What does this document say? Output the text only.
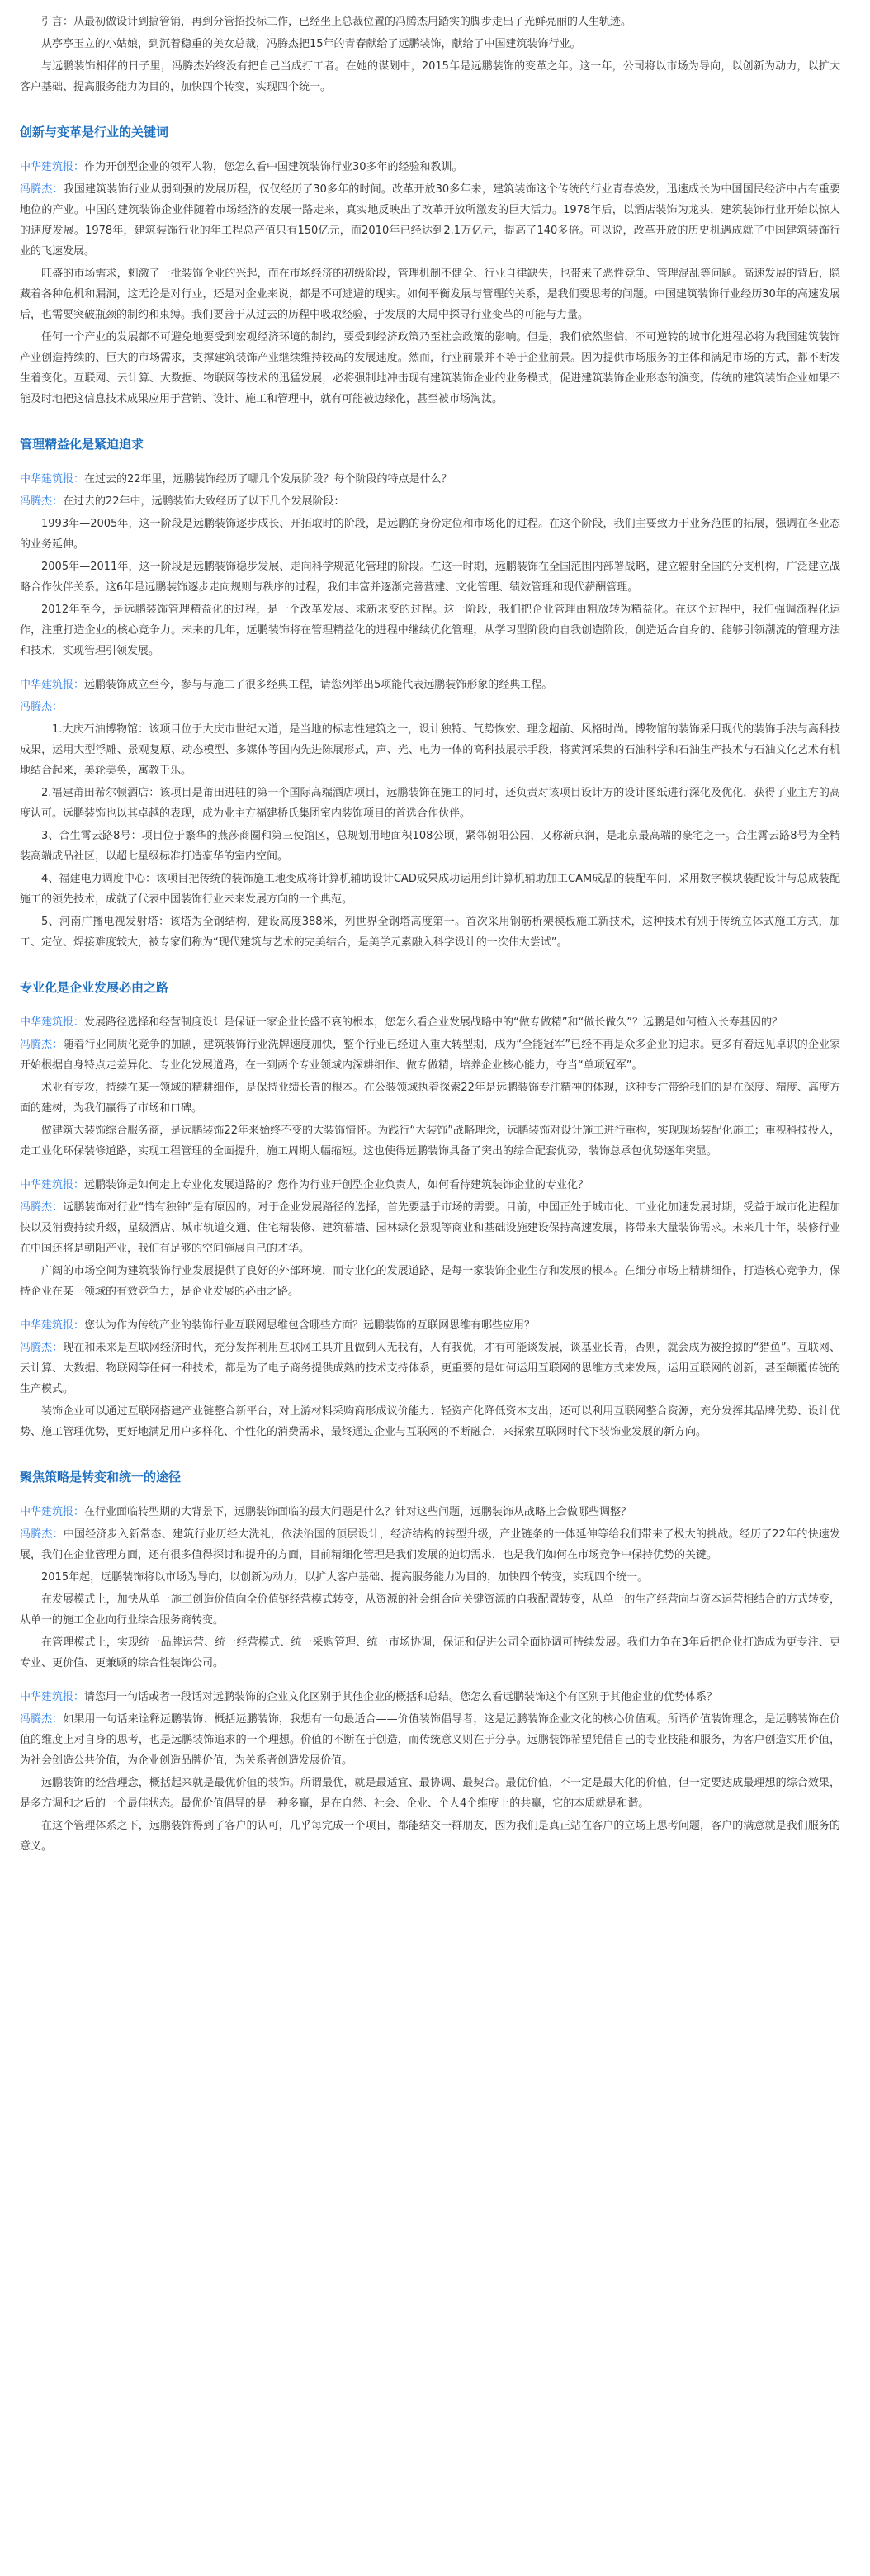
引言：从最初做设计到搞管销，再到分管招投标工作，已经坐上总裁位置的冯腾杰用踏实的脚步走出了光鲜亮丽的人生轨迹。

从亭亭玉立的小姑娘，到沉着稳重的美女总裁，冯腾杰把15年的青春献给了远鹏装饰，献给了中国建筑装饰行业。

与远鹏装饰相伴的日子里，冯腾杰始终没有把自己当成打工者。在她的谋划中，2015年是远鹏装饰的变革之年。这一年，公司将以市场为导向，以创新为动力，以扩大客户基础、提高服务能力为目的，加快四个转变，实现四个统一。

创新与变革是行业的关键词

中华建筑报：作为开创型企业的领军人物，您怎么看中国建筑装饰行业30多年的经验和教训。

冯腾杰：我国建筑装饰行业从弱到强的发展历程，仅仅经历了30多年的时间。改革开放30多年来，建筑装饰这个传统的行业青春焕发，迅速成长为中国国民经济中占有重要地位的产业。中国的建筑装饰企业伴随着市场经济的发展一路走来，真实地反映出了改革开放所激发的巨大活力。1978年后，以酒店装饰为龙头，建筑装饰行业开始以惊人的速度发展。1978年，建筑装饰行业的年工程总产值只有150亿元，而2010年已经达到2.1万亿元，提高了140多倍。可以说，改革开放的历史机遇成就了中国建筑装饰行业的飞速发展。

旺盛的市场需求，刺激了一批装饰企业的兴起，而在市场经济的初级阶段，管理机制不健全、行业自律缺失，也带来了恶性竞争、管理混乱等问题。高速发展的背后，隐藏着各种危机和漏洞，这无论是对行业，还是对企业来说，都是不可逃避的现实。如何平衡发展与管理的关系，是我们要思考的问题。中国建筑装饰行业经历30年的高速发展后，也需要突破瓶颈的制约和束缚。我们要善于从过去的历程中吸取经验，于发展的大局中探寻行业变革的可能与力量。

任何一个产业的发展都不可避免地要受到宏观经济环境的制约，要受到经济政策乃至社会政策的影响。但是，我们依然坚信，不可逆转的城市化进程必将为我国建筑装饰产业创造持续的、巨大的市场需求，支撑建筑装饰产业继续维持较高的发展速度。然而，行业前景并不等于企业前景。因为提供市场服务的主体和满足市场的方式，都不断发生着变化。互联网、云计算、大数据、物联网等技术的迅猛发展，必将强制地冲击现有建筑装饰企业的业务模式，促进建筑装饰企业形态的演变。传统的建筑装饰企业如果不能及时地把这信息技术成果应用于营销、设计、施工和管理中，就有可能被边缘化，甚至被市场淘汰。

管理精益化是紧迫追求

中华建筑报：在过去的22年里，远鹏装饰经历了哪几个发展阶段？每个阶段的特点是什么？

冯腾杰：在过去的22年中，远鹏装饰大致经历了以下几个发展阶段：

1993年—2005年，这一阶段是远鹏装饰逐步成长、开拓取时的阶段，是远鹏的身份定位和市场化的过程。在这个阶段，我们主要致力于业务范围的拓展，强调在各业态的业务延伸。

2005年—2011年，这一阶段是远鹏装饰稳步发展、走向科学规范化管理的阶段。在这一时期，远鹏装饰在全国范围内部署战略，建立辐射全国的分支机构，广泛建立战略合作伙伴关系。这6年是远鹏装饰逐步走向规则与秩序的过程，我们丰富并逐渐完善营建、文化管理、绩效管理和现代薪酬管理。

2012年至今，是远鹏装饰管理精益化的过程，是一个改革发展、求新求变的过程。这一阶段，我们把企业管理由粗放转为精益化。在这个过程中，我们强调流程化运作，注重打造企业的核心竞争力。未来的几年，远鹏装饰将在管理精益化的进程中继续优化管理，从学习型阶段向自我创造阶段，创造适合自身的、能够引领潮流的管理方法和技术，实现管理引领发展。

中华建筑报：远鹏装饰成立至今，参与与施工了很多经典工程，请您列举出5项能代表远鹏装饰形象的经典工程。

冯腾杰：

1.大庆石油博物馆：该项目位于大庆市世纪大道，是当地的标志性建筑之一，设计独特、气势恢宏、理念超前、风格时尚。博物馆的装饰采用现代的装饰手法与高科技成果，运用大型浮雕、景观复原、动态模型、多媒体等国内先进陈展形式，声、光、电为一体的高科技展示手段，将黄河采集的石油科学和石油生产技术与石油文化艺术有机地结合起来，美轮美奂，寓教于乐。

2.福建莆田希尔顿酒店：该项目是莆田进驻的第一个国际高端酒店项目，远鹏装饰在施工的同时，还负责对该项目设计方的设计图纸进行深化及优化，获得了业主方的高度认可。远鹏装饰也以其卓越的表现，成为业主方福建桥氏集团室内装饰项目的首选合作伙伴。

3、合生霄云路8号：项目位于繁华的燕莎商圈和第三使馆区，总规划用地面积108公顷，紧邻朝阳公园，又称新京润，是北京最高端的豪宅之一。合生霄云路8号为全精装高端成品社区，以超七星级标准打造豪华的室内空间。

4、福建电力调度中心：该项目把传统的装饰施工地变成将计算机辅助设计CAD成果成功运用到计算机辅助加工CAM成品的装配车间，采用数字模块装配设计与总成装配施工的领先技术，成就了代表中国装饰行业未来发展方向的一个典范。

5、河南广播电视发射塔：该塔为全钢结构，建设高度388米，列世界全钢塔高度第一。首次采用钢筋析架模板施工新技术，这种技术有别于传统立体式施工方式，加工、定位、焊接难度较大，被专家们称为“现代建筑与艺术的完美结合，是美学元素融入科学设计的一次伟大尝试”。

专业化是企业发展必由之路

中华建筑报：发展路径选择和经营制度设计是保证一家企业长盛不衰的根本，您怎么看企业发展战略中的“做专做精”和“做长做久”？远鹏是如何植入长寿基因的？

冯腾杰：随着行业同质化竞争的加剧，建筑装饰行业洗牌速度加快，整个行业已经进入重大转型期，成为“全能冠军”已经不再是众多企业的追求。更多有着远见卓识的企业家开始根据自身特点走差异化、专业化发展道路，在一到两个专业领域内深耕细作、做专做精，培养企业核心能力，夺当“单项冠军”。

术业有专攻，持续在某一领域的精耕细作，是保持业绩长青的根本。在公装领域执着探索22年是远鹏装饰专注精神的体现，这种专注带给我们的是在深度、精度、高度方面的建树，为我们赢得了市场和口碑。

做建筑大装饰综合服务商，是远鹏装饰22年来始终不变的大装饰情怀。为践行“大装饰”战略理念，远鹏装饰对设计施工进行重构，实现现场装配化施工；重视科技投入，走工业化环保装修道路，实现工程管理的全面提升，施工周期大幅缩短。这也使得远鹏装饰具备了突出的综合配套优势，装饰总承包优势逐年突显。

中华建筑报：远鹏装饰是如何走上专业化发展道路的？您作为行业开创型企业负责人，如何看待建筑装饰企业的专业化？

冯腾杰：远鹏装饰对行业“情有独钟”是有原因的。对于企业发展路径的选择，首先要基于市场的需要。目前，中国正处于城市化、工业化加速发展时期，受益于城市化进程加快以及消费持续升级，星级酒店、城市轨道交通、住宅精装修、建筑幕墙、园林绿化景观等商业和基础设施建设保持高速发展，将带来大量装饰需求。未来几十年，装修行业在中国还将是朝阳产业，我们有足够的空间施展自己的才华。

广阔的市场空间为建筑装饰行业发展提供了良好的外部环境，而专业化的发展道路，是每一家装饰企业生存和发展的根本。在细分市场上精耕细作，打造核心竞争力，保持企业在某一领域的有效竞争力，是企业发展的必由之路。

中华建筑报：您认为作为传统产业的装饰行业互联网思维包含哪些方面？远鹏装饰的互联网思维有哪些应用？

冯腾杰：现在和未来是互联网经济时代，充分发挥利用互联网工具并且做到人无我有，人有我优，才有可能谈发展，谈基业长青，否则，就会成为被抢掠的“猎鱼”。互联网、云计算、大数据、物联网等任何一种技术，都是为了电子商务提供成熟的技术支持体系，更重要的是如何运用互联网的思维方式来发展，运用互联网的创新，甚至颠覆传统的生产模式。

装饰企业可以通过互联网搭建产业链整合新平台，对上游材料采购商形成议价能力、轻资产化降低资本支出，还可以利用互联网整合资源，充分发挥其品牌优势、设计优势、施工管理优势，更好地满足用户多样化、个性化的消费需求，最终通过企业与互联网的不断融合，来探索互联网时代下装饰业发展的新方向。

聚焦策略是转变和统一的途径

中华建筑报：在行业面临转型期的大背景下，远鹏装饰面临的最大问题是什么？针对这些问题，远鹏装饰从战略上会做哪些调整？

冯腾杰：中国经济步入新常态、建筑行业历经大洗礼，依法治国的顶层设计，经济结构的转型升级，产业链条的一体延伸等给我们带来了极大的挑战。经历了22年的快速发展，我们在企业管理方面，还有很多值得探讨和提升的方面，目前精细化管理是我们发展的迫切需求，也是我们如何在市场竞争中保持优势的关键。

2015年起，远鹏装饰将以市场为导向，以创新为动力，以扩大客户基础、提高服务能力为目的，加快四个转变，实现四个统一。

在发展模式上，加快从单一施工创造价值向全价值链经营模式转变，从资源的社会组合向关键资源的自我配置转变，从单一的生产经营向与资本运营相结合的方式转变，从单一的施工企业向行业综合服务商转变。

在管理模式上，实现统一品牌运营、统一经营模式、统一采购管理、统一市场协调，保证和促进公司全面协调可持续发展。我们力争在3年后把企业打造成为更专注、更专业、更价值、更兼顾的综合性装饰公司。

中华建筑报：请您用一句话或者一段话对远鹏装饰的企业文化区别于其他企业的概括和总结。您怎么看远鹏装饰这个有区别于其他企业的优势体系？

冯腾杰：如果用一句话来诠释远鹏装饰、概括远鹏装饰，我想有一句最适合——价值装饰倡导者，这是远鹏装饰企业文化的核心价值观。所谓价值装饰理念，是远鹏装饰在价值的维度上对自身的思考，也是远鹏装饰追求的一个理想。价值的不断在于创造，而传统意义则在于分享。远鹏装饰希望凭借自己的专业技能和服务，为客户创造实用价值，为社会创造公共价值，为企业创造品牌价值，为关系者创造发展价值。

远鹏装饰的经营理念，概括起来就是最优价值的装饰。所谓最优，就是最适宜、最协调、最契合。最优价值，不一定是最大化的价值，但一定要达成最理想的综合效果，是多方调和之后的一个最佳状态。最优价值倡导的是一种多赢，是在自然、社会、企业、个人4个维度上的共赢，它的本质就是和谐。

在这个管理体系之下，远鹏装饰得到了客户的认可，几乎每完成一个项目，都能结交一群朋友，因为我们是真正站在客户的立场上思考问题，客户的满意就是我们服务的意义。
